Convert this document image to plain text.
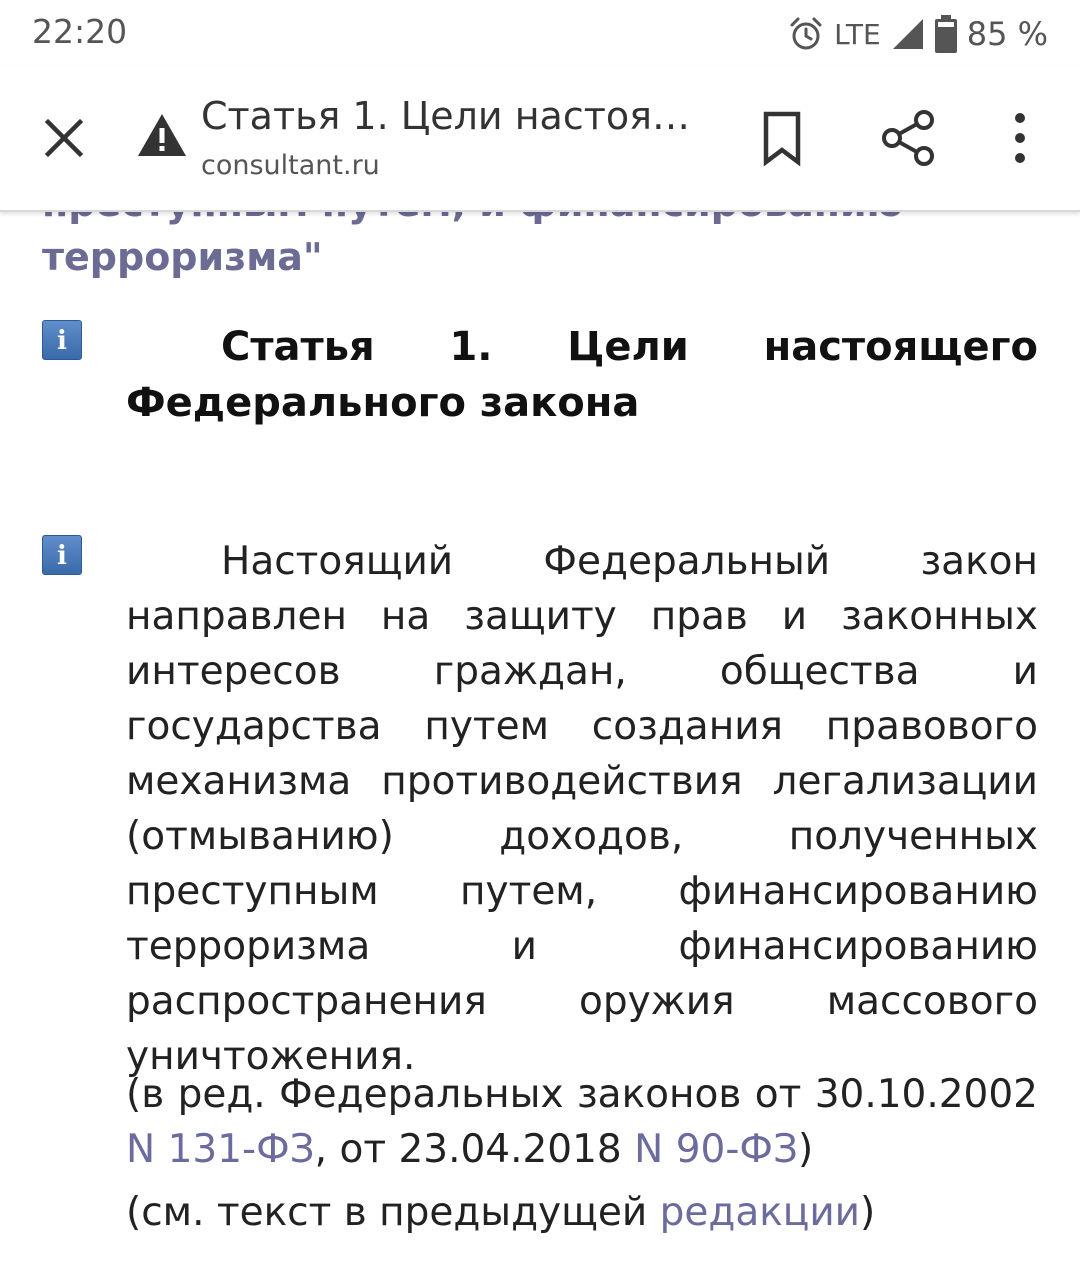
22:20	LTE	85 %
Статья 1. Цели настоя…
consultant.ru
терроризма"
i	Статья 1. Цели настоящего
Федерального закона
i	Настоящий Федеральный закон направлен на защиту прав и законных интересов граждан, общества и государства путем создания правового механизма противодействия легализации (отмыванию) доходов, полученных преступным путем, финансированию терроризма и финансированию распространения оружия массового уничтожения.
(в ред. Федеральных законов от 30.10.2002 N 131-ФЗ, от 23.04.2018 N 90-ФЗ)
(см. текст в предыдущей редакции)
